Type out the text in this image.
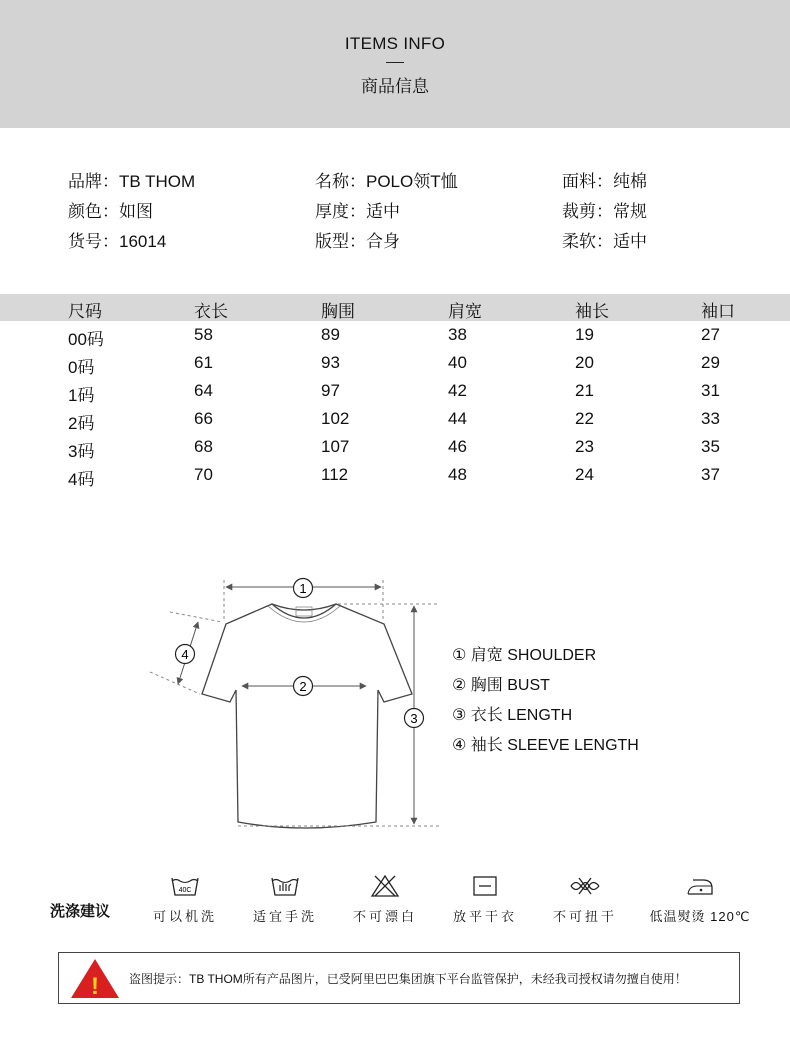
ITEMS INFO
商品信息
品牌：TB THOM	名称：POLO领T恤	面料：纯棉
颜色：如图	厚度：适中	裁剪：常规
货号：16014	版型：合身	柔软：适中
尺码	衣长	胸围	肩宽	袖长	袖口
00码	58	89	38	19	27
0码	61	93	40	20	29
1码	64	97	42	21	31
2码	66	102	44	22	33
3码	68	107	46	23	35
4码	70	112	48	24	37
1
2
3
4	① 肩宽 SHOULDER
② 胸围 BUST
③ 衣长 LENGTH
④ 袖长 SLEEVE LENGTH
洗涤建议
40C
可以机洗	适宜手洗	不可漂白	放平干衣	不可扭干	低温熨烫 120℃
!	盗图提示：TB THOM所有产品图片，已受阿里巴巴集团旗下平台监管保护，未经我司授权请勿擅自使用！
